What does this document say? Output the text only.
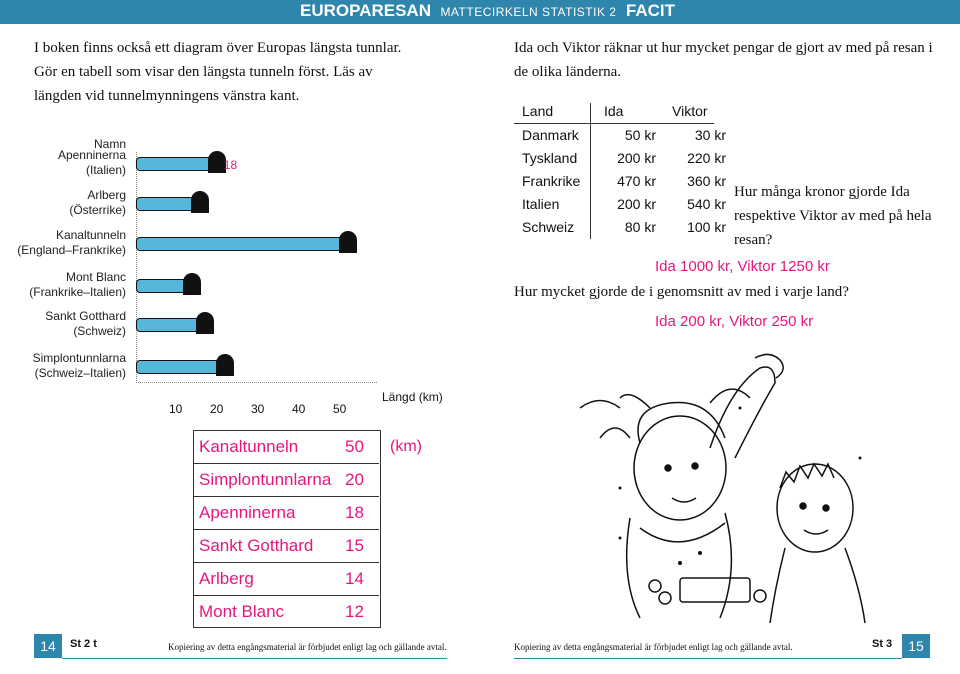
EUROPARESAN MATTECIRKELN STATISTIK 2 FACIT
I boken finns också ett diagram över Europas längsta tunnlar. Gör en tabell som visar den längsta tunneln först. Läs av längden vid tunnelmynningens vänstra kant.
Namn
Apenninerna
(Italien)
Arlberg
(Österrike)
Kanaltunneln
(England–Frankrike)
Mont Blanc
(Frankrike–Italien)
Sankt Gotthard
(Schweiz)
Simplontunnlarna
(Schweiz–Italien)
18
10 20 30 40 50
Längd (km)
Kanaltunneln	50
Simplontunnlarna 20
Apenninerna	18
Sankt Gotthard 15
Arlberg	14
Mont Blanc	12
(km)
Ida och Viktor räknar ut hur mycket pengar de gjort av med på resan i de olika länderna.
Land	Ida	Viktor
Danmark	50 kr	30 kr
Tyskland	200 kr	220 kr
Frankrike	470 kr	360 kr
Italien	200 kr	540 kr
Schweiz	80 kr	100 kr
Hur många kronor gjorde Ida respektive Viktor av med på hela resan?
Ida 1000 kr, Viktor 1250 kr
Hur mycket gjorde de i genomsnitt av med i varje land?
Ida 200 kr, Viktor 250 kr
14	St 2 t	Kopiering av detta engångsmaterial är förbjudet enligt lag och gällande avtal.	Kopiering av detta engångsmaterial är förbjudet enligt lag och gällande avtal.	St 3	15
